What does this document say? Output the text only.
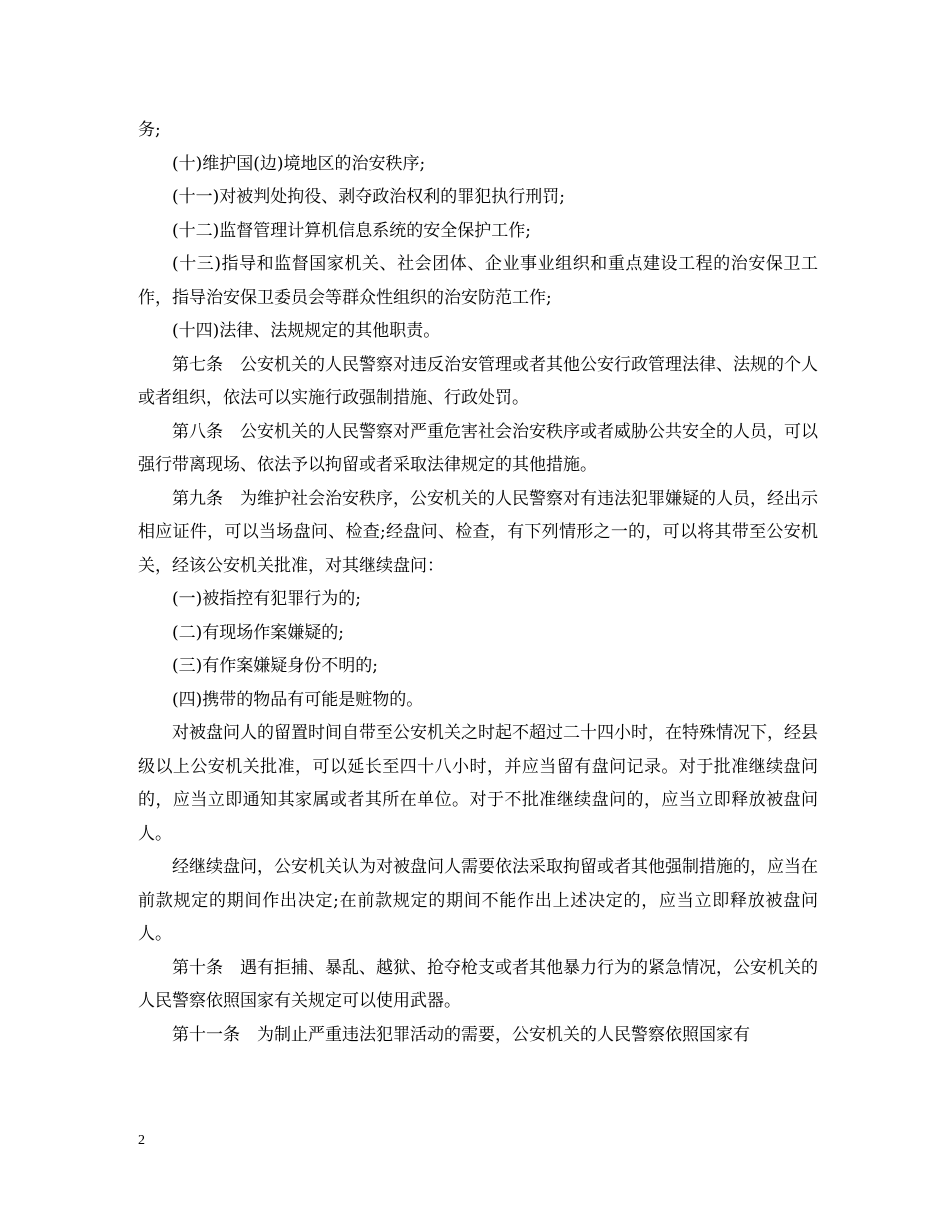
务;

(十)维护国(边)境地区的治安秩序;

(十一)对被判处拘役、剥夺政治权利的罪犯执行刑罚;

(十二)监督管理计算机信息系统的安全保护工作;

(十三)指导和监督国家机关、社会团体、企业事业组织和重点建设工程的治安保卫工作，指导治安保卫委员会等群众性组织的治安防范工作;

(十四)法律、法规规定的其他职责。

第七条　公安机关的人民警察对违反治安管理或者其他公安行政管理法律、法规的个人或者组织，依法可以实施行政强制措施、行政处罚。

第八条　公安机关的人民警察对严重危害社会治安秩序或者威胁公共安全的人员，可以强行带离现场、依法予以拘留或者采取法律规定的其他措施。

第九条　为维护社会治安秩序，公安机关的人民警察对有违法犯罪嫌疑的人员，经出示相应证件，可以当场盘问、检查;经盘问、检查，有下列情形之一的，可以将其带至公安机关，经该公安机关批准，对其继续盘问：

(一)被指控有犯罪行为的;

(二)有现场作案嫌疑的;

(三)有作案嫌疑身份不明的;

(四)携带的物品有可能是赃物的。

对被盘问人的留置时间自带至公安机关之时起不超过二十四小时，在特殊情况下，经县级以上公安机关批准，可以延长至四十八小时，并应当留有盘问记录。对于批准继续盘问的，应当立即通知其家属或者其所在单位。对于不批准继续盘问的，应当立即释放被盘问人。

经继续盘问，公安机关认为对被盘问人需要依法采取拘留或者其他强制措施的，应当在前款规定的期间作出决定;在前款规定的期间不能作出上述决定的，应当立即释放被盘问人。

第十条　遇有拒捕、暴乱、越狱、抢夺枪支或者其他暴力行为的紧急情况，公安机关的人民警察依照国家有关规定可以使用武器。

第十一条　为制止严重违法犯罪活动的需要，公安机关的人民警察依照国家有

2
